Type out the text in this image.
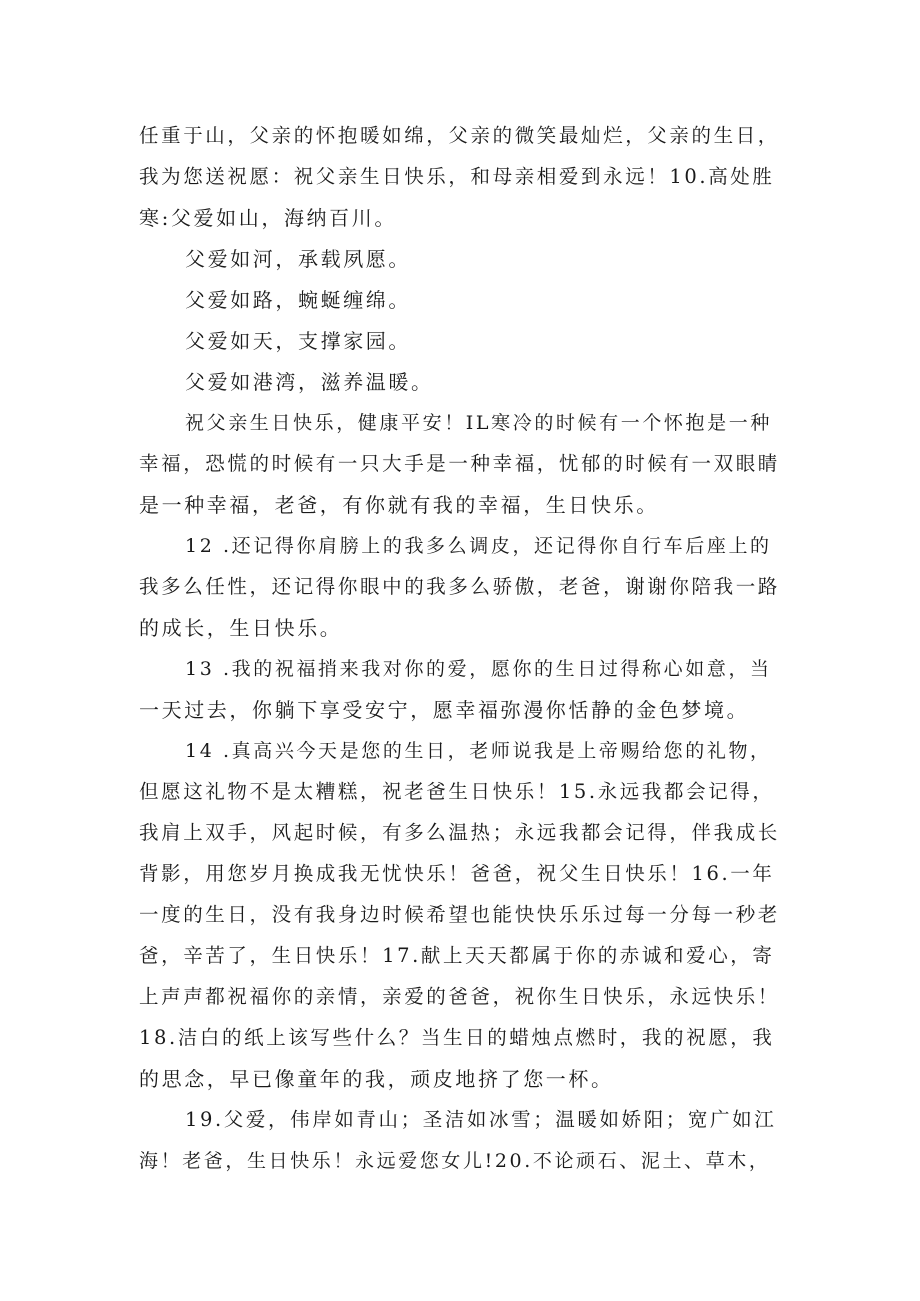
任重于山，父亲的怀抱暖如绵，父亲的微笑最灿烂，父亲的生日，
我为您送祝愿：祝父亲生日快乐，和母亲相爱到永远！10.高处胜
寒:父爱如山，海纳百川。
父爱如河，承载夙愿。
父爱如路，蜿蜒缠绵。
父爱如天，支撑家园。
父爱如港湾，滋养温暖。
祝父亲生日快乐，健康平安！IL寒冷的时候有一个怀抱是一种
幸福，恐慌的时候有一只大手是一种幸福，忧郁的时候有一双眼睛
是一种幸福，老爸，有你就有我的幸福，生日快乐。
12 .还记得你肩膀上的我多么调皮，还记得你自行车后座上的
我多么任性，还记得你眼中的我多么骄傲，老爸，谢谢你陪我一路
的成长，生日快乐。
13 .我的祝福捎来我对你的爱，愿你的生日过得称心如意，当
一天过去，你躺下享受安宁，愿幸福弥漫你恬静的金色梦境。
14 .真高兴今天是您的生日，老师说我是上帝赐给您的礼物，
但愿这礼物不是太糟糕，祝老爸生日快乐！15.永远我都会记得，
我肩上双手，风起时候，有多么温热；永远我都会记得，伴我成长
背影，用您岁月换成我无忧快乐！爸爸，祝父生日快乐！16.一年
一度的生日，没有我身边时候希望也能快快乐乐过每一分每一秒老
爸，辛苦了，生日快乐！17.献上天天都属于你的赤诚和爱心，寄
上声声都祝福你的亲情，亲爱的爸爸，祝你生日快乐，永远快乐！
18.洁白的纸上该写些什么？当生日的蜡烛点燃时，我的祝愿，我
的思念，早已像童年的我，顽皮地挤了您一杯。
19.父爱，伟岸如青山；圣洁如冰雪；温暖如娇阳；宽广如江
海！老爸，生日快乐！永远爱您女儿!20.不论顽石、泥土、草木，
